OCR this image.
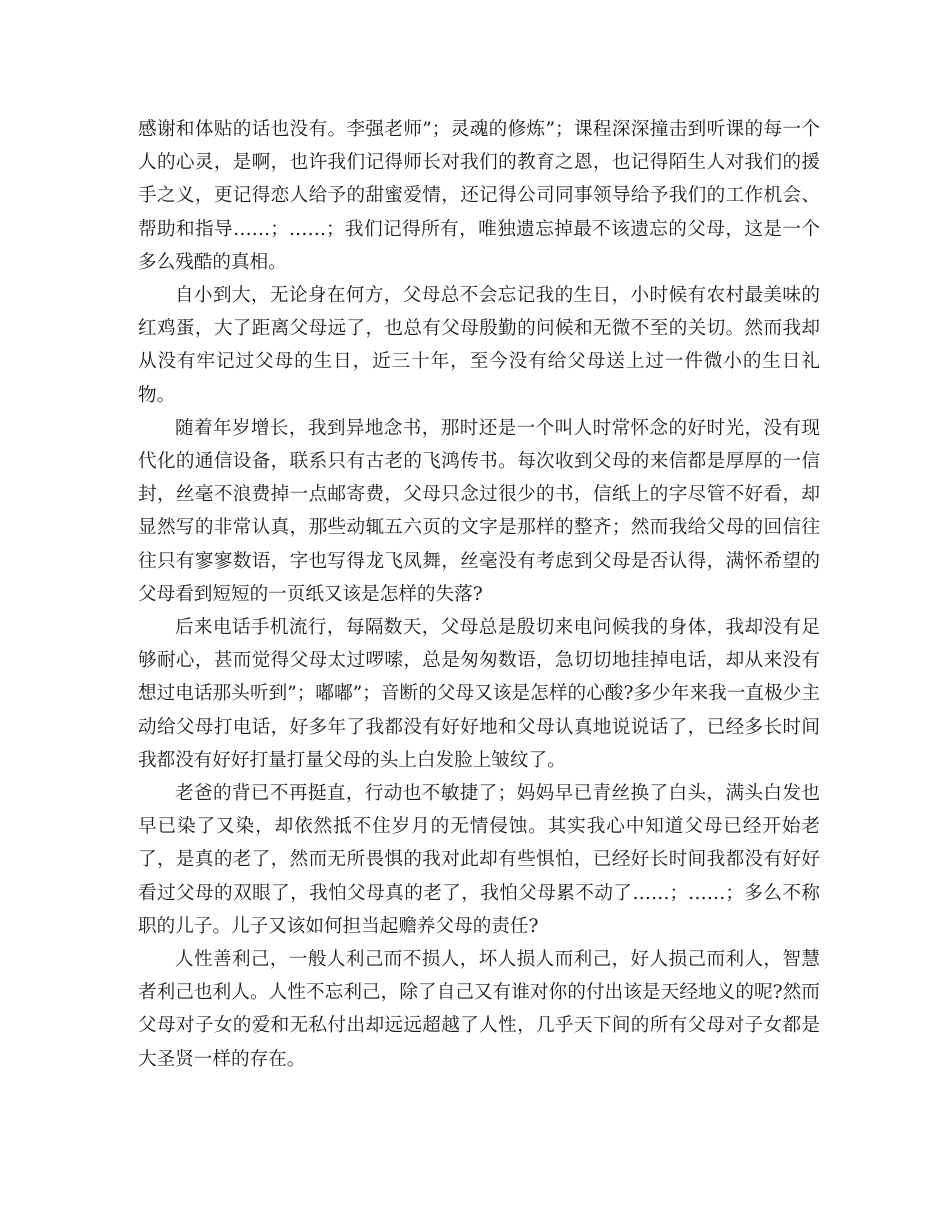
感谢和体贴的话也没有。李强老师”；灵魂的修炼”；课程深深撞击到听课的每一个人的心灵，是啊，也许我们记得师长对我们的教育之恩，也记得陌生人对我们的援手之义，更记得恋人给予的甜蜜爱情，还记得公司同事领导给予我们的工作机会、帮助和指导……；……；我们记得所有，唯独遗忘掉最不该遗忘的父母，这是一个多么残酷的真相。

自小到大，无论身在何方，父母总不会忘记我的生日，小时候有农村最美味的红鸡蛋，大了距离父母远了，也总有父母殷勤的问候和无微不至的关切。然而我却从没有牢记过父母的生日，近三十年，至今没有给父母送上过一件微小的生日礼物。

随着年岁增长，我到异地念书，那时还是一个叫人时常怀念的好时光，没有现代化的通信设备，联系只有古老的飞鸿传书。每次收到父母的来信都是厚厚的一信封，丝毫不浪费掉一点邮寄费，父母只念过很少的书，信纸上的字尽管不好看，却显然写的非常认真，那些动辄五六页的文字是那样的整齐；然而我给父母的回信往往只有寥寥数语，字也写得龙飞凤舞，丝毫没有考虑到父母是否认得，满怀希望的父母看到短短的一页纸又该是怎样的失落?

后来电话手机流行，每隔数天，父母总是殷切来电问候我的身体，我却没有足够耐心，甚而觉得父母太过啰嗦，总是匆匆数语，急切切地挂掉电话，却从来没有想过电话那头听到”；嘟嘟”；音断的父母又该是怎样的心酸?多少年来我一直极少主动给父母打电话，好多年了我都没有好好地和父母认真地说说话了，已经多长时间我都没有好好打量打量父母的头上白发脸上皱纹了。

老爸的背已不再挺直，行动也不敏捷了；妈妈早已青丝换了白头，满头白发也早已染了又染，却依然抵不住岁月的无情侵蚀。其实我心中知道父母已经开始老了，是真的老了，然而无所畏惧的我对此却有些惧怕，已经好长时间我都没有好好看过父母的双眼了，我怕父母真的老了，我怕父母累不动了……；……；多么不称职的儿子。儿子又该如何担当起赡养父母的责任?

人性善利己，一般人利己而不损人，坏人损人而利己，好人损己而利人，智慧者利己也利人。人性不忘利己，除了自己又有谁对你的付出该是天经地义的呢?然而父母对子女的爱和无私付出却远远超越了人性，几乎天下间的所有父母对子女都是大圣贤一样的存在。
